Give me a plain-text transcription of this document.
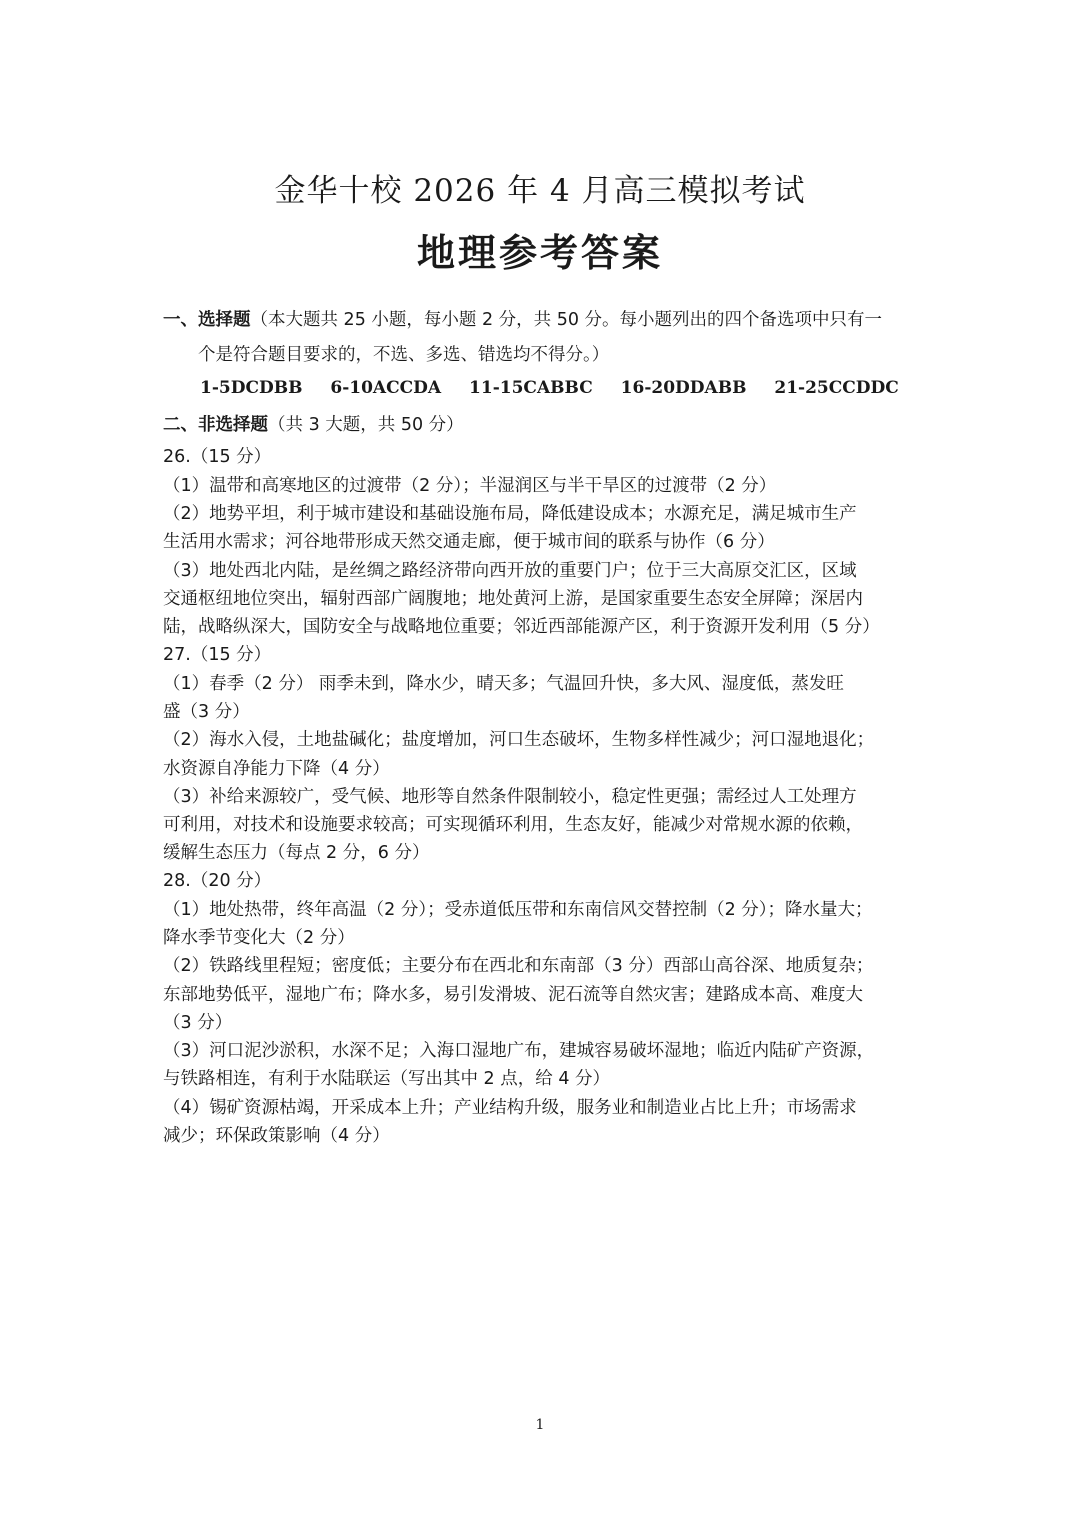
金华十校 2026 年 4 月高三模拟考试
地理参考答案
一、选择题（本大题共 25 小题，每小题 2 分，共 50 分。每小题列出的四个备选项中只有一
个是符合题目要求的，不选、多选、错选均不得分。）
1-5DCDBB 6-10ACCDA 11-15CABBC 16-20DDABB 21-25CCDDC
二、非选择题（共 3 大题，共 50 分）
26.（15 分）
（1）温带和高寒地区的过渡带（2 分）；半湿润区与半干旱区的过渡带（2 分）
（2）地势平坦，利于城市建设和基础设施布局，降低建设成本；水源充足，满足城市生产
生活用水需求；河谷地带形成天然交通走廊，便于城市间的联系与协作（6 分）
（3）地处西北内陆，是丝绸之路经济带向西开放的重要门户；位于三大高原交汇区，区域
交通枢纽地位突出，辐射西部广阔腹地；地处黄河上游，是国家重要生态安全屏障；深居内
陆，战略纵深大，国防安全与战略地位重要；邻近西部能源产区，利于资源开发利用（5 分）
27.（15 分）
（1）春季（2 分） 雨季未到，降水少，晴天多；气温回升快，多大风、湿度低，蒸发旺
盛（3 分）
（2）海水入侵，土地盐碱化；盐度增加，河口生态破坏，生物多样性减少；河口湿地退化；
水资源自净能力下降（4 分）
（3）补给来源较广，受气候、地形等自然条件限制较小，稳定性更强；需经过人工处理方
可利用，对技术和设施要求较高；可实现循环利用，生态友好，能减少对常规水源的依赖，
缓解生态压力（每点 2 分，6 分）
28.（20 分）
（1）地处热带，终年高温（2 分）；受赤道低压带和东南信风交替控制（2 分）；降水量大；
降水季节变化大（2 分）
（2）铁路线里程短；密度低；主要分布在西北和东南部（3 分）西部山高谷深、地质复杂；
东部地势低平，湿地广布；降水多，易引发滑坡、泥石流等自然灾害；建路成本高、难度大
（3 分）
（3）河口泥沙淤积，水深不足；入海口湿地广布，建城容易破坏湿地；临近内陆矿产资源，
与铁路相连，有利于水陆联运（写出其中 2 点，给 4 分）
（4）锡矿资源枯竭，开采成本上升；产业结构升级，服务业和制造业占比上升；市场需求
减少；环保政策影响（4 分）
1
